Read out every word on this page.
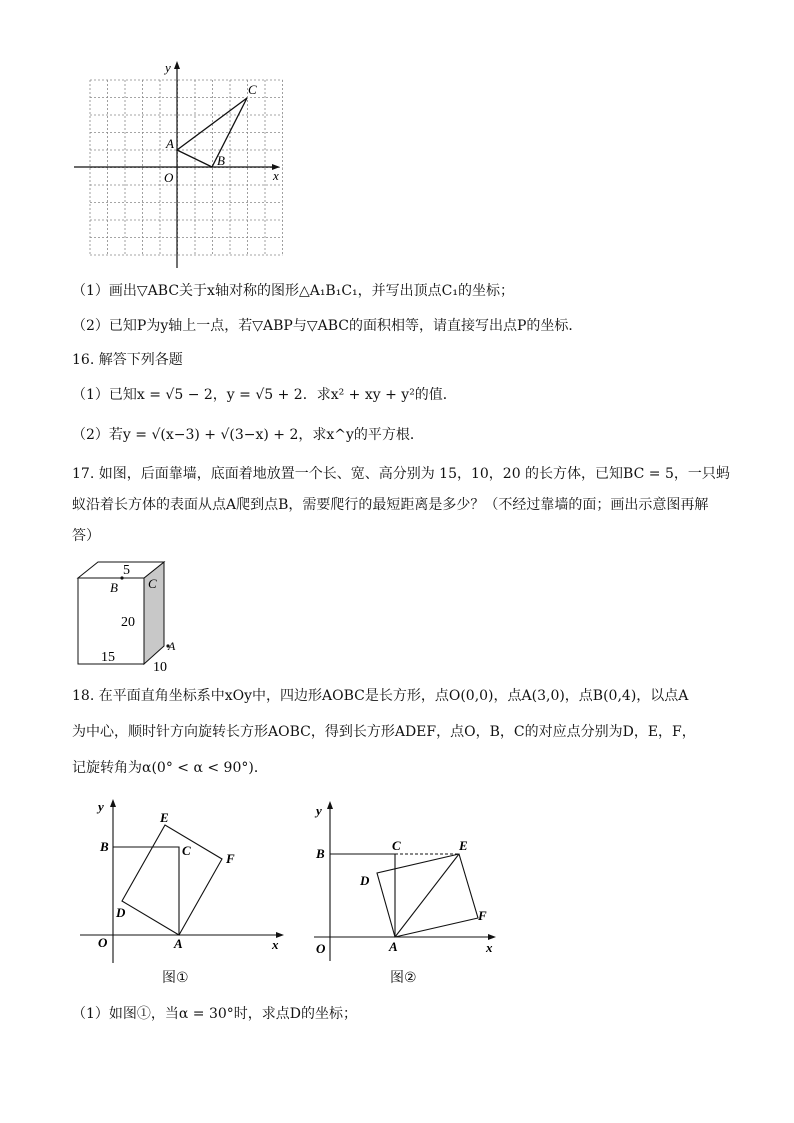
y
x
O
A
B
C
（1）画出▽ABC关于x轴对称的图形△A₁B₁C₁，并写出顶点C₁的坐标；
（2）已知P为y轴上一点，若▽ABP与▽ABC的面积相等，请直接写出点P的坐标．
16. 解答下列各题
（1）已知x = √5 − 2，y = √5 + 2．求x² + xy + y²的值．
（2）若y = √(x−3) + √(3−x) + 2，求x^y的平方根．
17. 如图，后面靠墙，底面着地放置一个长、宽、高分别为 15，10，20 的长方体，已知BC = 5，一只蚂
蚁沿着长方体的表面从点A爬到点B，需要爬行的最短距离是多少？（不经过靠墙的面；画出示意图再解
答）
5
B C
20
A
15
10
18. 在平面直角坐标系中xOy中，四边形AOBC是长方形，点O(0,0)，点A(3,0)，点B(0,4)，以点A
为中心，顺时针方向旋转长方形AOBC，得到长方形ADEF，点O，B，C的对应点分别为D，E，F，
记旋转角为α(0° < α < 90°)．
y
x
O	A
B	C
D
E
F
图①
y
x
O	A
B
C
D
E
F
图②
（1）如图①，当α = 30°时，求点D的坐标；
